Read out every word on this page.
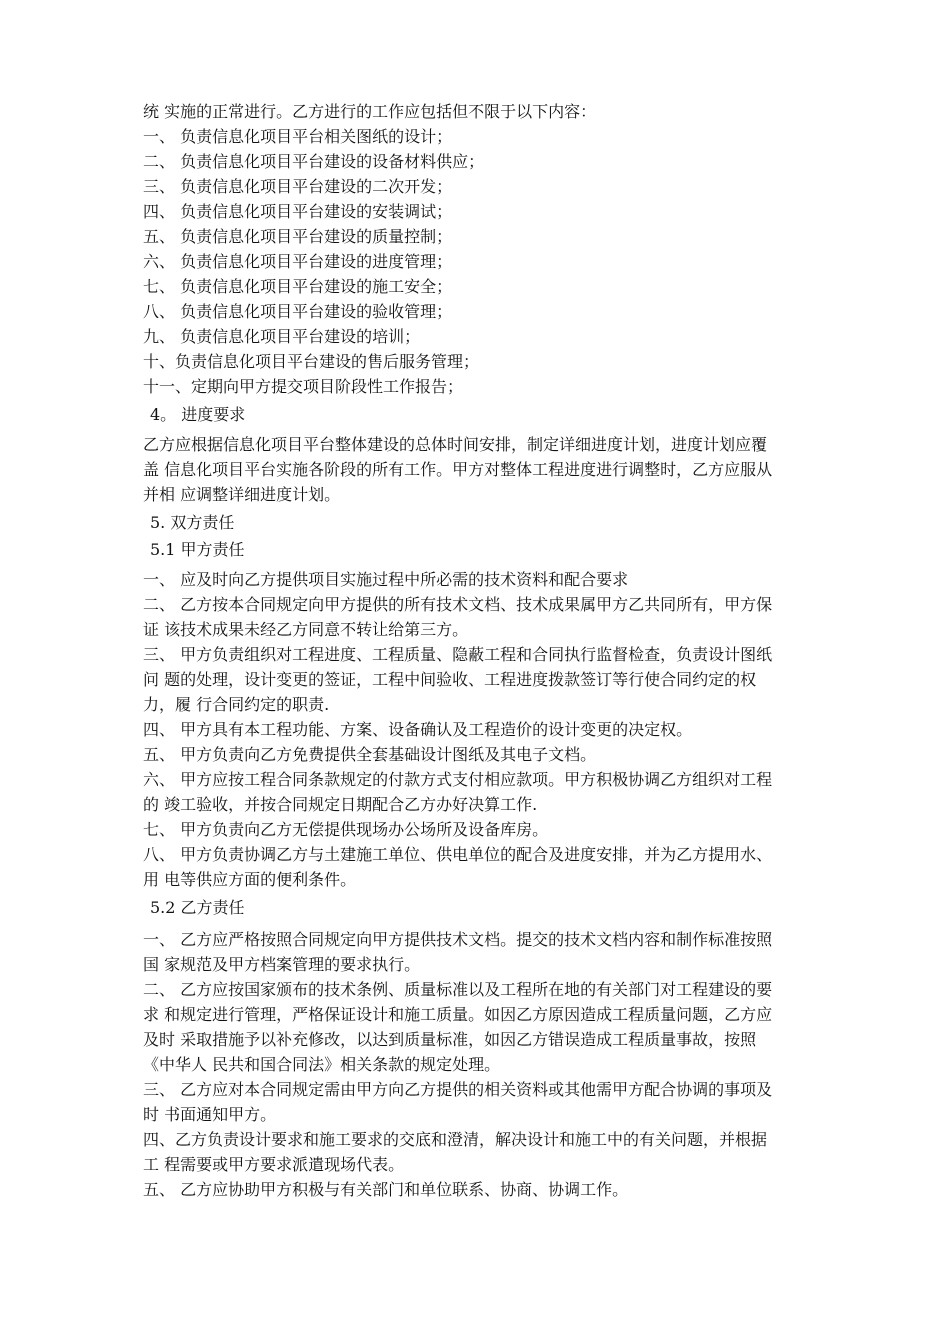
统 实施的正常进行。乙方进行的工作应包括但不限于以下内容：
一、 负责信息化项目平台相关图纸的设计；
二、 负责信息化项目平台建设的设备材料供应；
三、 负责信息化项目平台建设的二次开发；
四、 负责信息化项目平台建设的安装调试；
五、 负责信息化项目平台建设的质量控制；
六、 负责信息化项目平台建设的进度管理；
七、 负责信息化项目平台建设的施工安全；
八、 负责信息化项目平台建设的验收管理；
九、 负责信息化项目平台建设的培训；
十、负责信息化项目平台建设的售后服务管理；
十一、定期向甲方提交项目阶段性工作报告；
4。 进度要求
乙方应根据信息化项目平台整体建设的总体时间安排，制定详细进度计划，进度计划应覆
盖 信息化项目平台实施各阶段的所有工作。甲方对整体工程进度进行调整时，乙方应服从
并相 应调整详细进度计划。
5. 双方责任
5.1 甲方责任
一、 应及时向乙方提供项目实施过程中所必需的技术资料和配合要求
二、 乙方按本合同规定向甲方提供的所有技术文档、技术成果属甲方乙共同所有，甲方保
证 该技术成果未经乙方同意不转让给第三方。
三、 甲方负责组织对工程进度、工程质量、隐蔽工程和合同执行监督检查，负责设计图纸
问 题的处理，设计变更的签证，工程中间验收、工程进度拨款签订等行使合同约定的权
力，履 行合同约定的职责.
四、 甲方具有本工程功能、方案、设备确认及工程造价的设计变更的决定权。
五、 甲方负责向乙方免费提供全套基础设计图纸及其电子文档。
六、 甲方应按工程合同条款规定的付款方式支付相应款项。甲方积极协调乙方组织对工程
的 竣工验收，并按合同规定日期配合乙方办好决算工作.
七、 甲方负责向乙方无偿提供现场办公场所及设备库房。
八、 甲方负责协调乙方与土建施工单位、供电单位的配合及进度安排，并为乙方提用水、
用 电等供应方面的便利条件。
5.2 乙方责任
一、 乙方应严格按照合同规定向甲方提供技术文档。提交的技术文档内容和制作标准按照
国 家规范及甲方档案管理的要求执行。
二、 乙方应按国家颁布的技术条例、质量标准以及工程所在地的有关部门对工程建设的要
求 和规定进行管理，严格保证设计和施工质量。如因乙方原因造成工程质量问题，乙方应
及时 采取措施予以补充修改，以达到质量标准，如因乙方错误造成工程质量事故，按照
《中华人 民共和国合同法》相关条款的规定处理。
三、 乙方应对本合同规定需由甲方向乙方提供的相关资料或其他需甲方配合协调的事项及
时 书面通知甲方。
四、乙方负责设计要求和施工要求的交底和澄清，解决设计和施工中的有关问题，并根据
工 程需要或甲方要求派遣现场代表。
五、 乙方应协助甲方积极与有关部门和单位联系、协商、协调工作。
